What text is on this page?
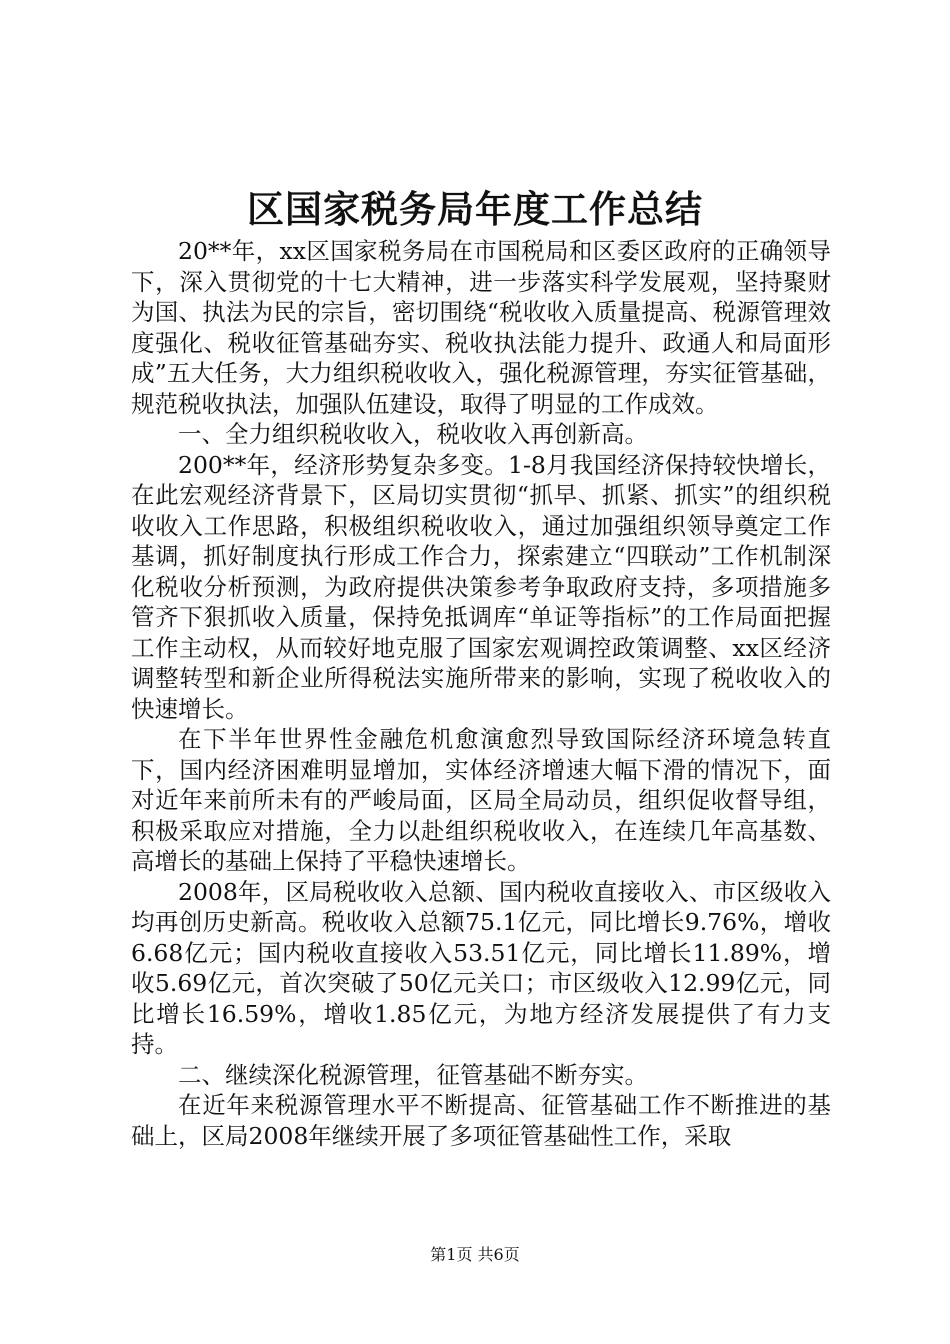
区国家税务局年度工作总结

20**年，xx区国家税务局在市国税局和区委区政府的正确领导下，深入贯彻党的十七大精神，进一步落实科学发展观，坚持聚财为国、执法为民的宗旨，密切围绕“税收收入质量提高、税源管理效度强化、税收征管基础夯实、税收执法能力提升、政通人和局面形成”五大任务，大力组织税收收入，强化税源管理，夯实征管基础，规范税收执法，加强队伍建设，取得了明显的工作成效。

一、全力组织税收收入，税收收入再创新高。

200**年，经济形势复杂多变。1-8月我国经济保持较快增长，在此宏观经济背景下，区局切实贯彻“抓早、抓紧、抓实”的组织税收收入工作思路，积极组织税收收入，通过加强组织领导奠定工作基调，抓好制度执行形成工作合力，探索建立“四联动”工作机制深化税收分析预测，为政府提供决策参考争取政府支持，多项措施多管齐下狠抓收入质量，保持免抵调库“单证等指标”的工作局面把握工作主动权，从而较好地克服了国家宏观调控政策调整、xx区经济调整转型和新企业所得税法实施所带来的影响，实现了税收收入的快速增长。

在下半年世界性金融危机愈演愈烈导致国际经济环境急转直下，国内经济困难明显增加，实体经济增速大幅下滑的情况下，面对近年来前所未有的严峻局面，区局全局动员，组织促收督导组，积极采取应对措施，全力以赴组织税收收入，在连续几年高基数、高增长的基础上保持了平稳快速增长。

2008年，区局税收收入总额、国内税收直接收入、市区级收入均再创历史新高。税收收入总额75.1亿元，同比增长9.76%，增收6.68亿元；国内税收直接收入53.51亿元，同比增长11.89%，增收5.69亿元，首次突破了50亿元关口；市区级收入12.99亿元，同比增长16.59%，增收1.85亿元，为地方经济发展提供了有力支持。

二、继续深化税源管理，征管基础不断夯实。

在近年来税源管理水平不断提高、征管基础工作不断推进的基础上，区局2008年继续开展了多项征管基础性工作，采取

第1页 共6页
